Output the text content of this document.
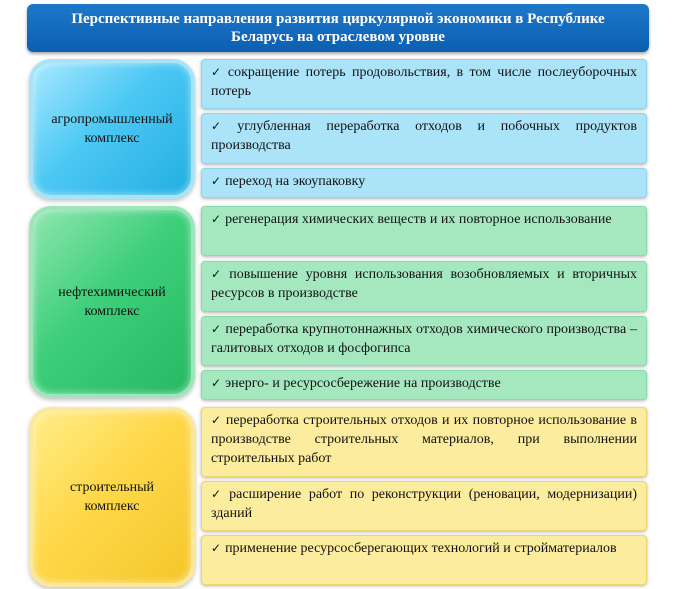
Перспективные направления развития циркулярной экономики в Республике Беларусь на отраслевом уровне
агропромышленный комплекс
✓ сокращение потерь продовольствия, в том числе послеуборочных потерь
✓ углубленная переработка отходов и побочных продуктов производства
✓ переход на экоупаковку
нефтехимический комплекс
✓ регенерация химических веществ и их повторное использование
✓ повышение уровня использования возобновляемых и вторичных ресурсов в производстве
✓ переработка крупнотоннажных отходов химического производства – галитовых отходов и фосфогипса
✓ энерго- и ресурсосбережение на производстве
строительный комплекс
✓ переработка строительных отходов и их повторное использование в производстве строительных материалов, при выполнении строительных работ
✓ расширение работ по реконструкции (реновации, модернизации) зданий
✓ применение ресурсосберегающих технологий и стройматериалов
